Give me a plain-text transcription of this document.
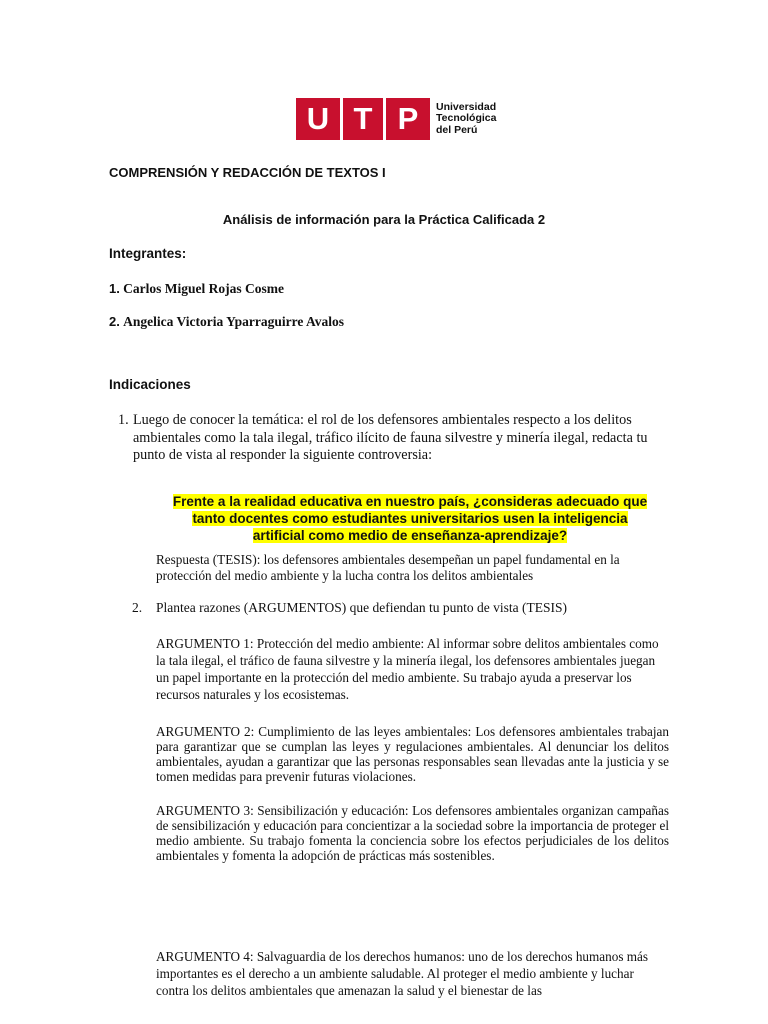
U T P	Universidad
Tecnológica
del Perú
COMPRENSIÓN Y REDACCIÓN DE TEXTOS I
Análisis de información para la Práctica Calificada 2
Integrantes:
1. Carlos Miguel Rojas Cosme
2. Angelica Victoria Yparraguirre Avalos
Indicaciones
1. Luego de conocer la temática: el rol de los defensores ambientales respecto a los delitos ambientales como la tala ilegal, tráfico ilícito de fauna silvestre y minería ilegal, redacta tu punto de vista al responder la siguiente controversia:
Frente a la realidad educativa en nuestro país, ¿consideras adecuado que
tanto docentes como estudiantes universitarios usen la inteligencia
artificial como medio de enseñanza-aprendizaje?
Respuesta (TESIS): los defensores ambientales desempeñan un papel fundamental en la protección del medio ambiente y la lucha contra los delitos ambientales
2. Plantea razones (ARGUMENTOS) que defiendan tu punto de vista (TESIS)
ARGUMENTO 1: Protección del medio ambiente: Al informar sobre delitos ambientales como la tala ilegal, el tráfico de fauna silvestre y la minería ilegal, los defensores ambientales juegan un papel importante en la protección del medio ambiente. Su trabajo ayuda a preservar los recursos naturales y los ecosistemas.
ARGUMENTO 2: Cumplimiento de las leyes ambientales: Los defensores ambientales trabajan para garantizar que se cumplan las leyes y regulaciones ambientales. Al denunciar los delitos ambientales, ayudan a garantizar que las personas responsables sean llevadas ante la justicia y se tomen medidas para prevenir futuras violaciones.
ARGUMENTO 3: Sensibilización y educación: Los defensores ambientales organizan campañas de sensibilización y educación para concientizar a la sociedad sobre la importancia de proteger el medio ambiente. Su trabajo fomenta la conciencia sobre los efectos perjudiciales de los delitos ambientales y fomenta la adopción de prácticas más sostenibles.
ARGUMENTO 4: Salvaguardia de los derechos humanos: uno de los derechos humanos más importantes es el derecho a un ambiente saludable. Al proteger el medio ambiente y luchar contra los delitos ambientales que amenazan la salud y el bienestar de las
